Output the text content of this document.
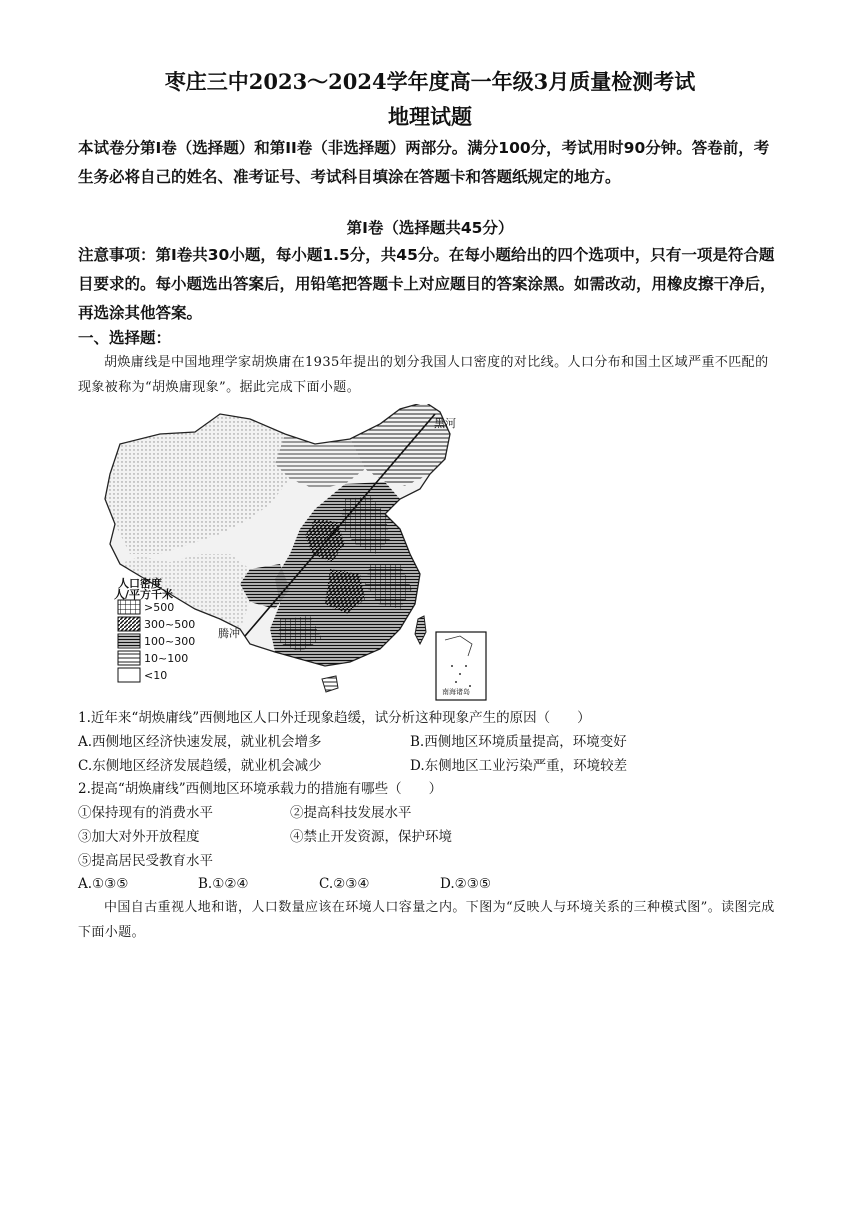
枣庄三中2023～2024学年度高一年级3月质量检测考试
地理试题
本试卷分第Ⅰ卷（选择题）和第II卷（非选择题）两部分。满分100分，考试用时90分钟。答卷前，考生务必将自己的姓名、准考证号、考试科目填涂在答题卡和答题纸规定的地方。
第Ⅰ卷（选择题共45分）
注意事项：第Ⅰ卷共30小题，每小题1.5分，共45分。在每小题给出的四个选项中，只有一项是符合题目要求的。每小题选出答案后，用铅笔把答题卡上对应题目的答案涂黑。如需改动，用橡皮擦干净后，再选涂其他答案。
一、选择题：
胡焕庸线是中国地理学家胡焕庸在1935年提出的划分我国人口密度的对比线。人口分布和国土区域严重不匹配的现象被称为“胡焕庸现象”。据此完成下面小题。
黑河
腾冲
人口密度
人/平方千米
>500
300~500
100~300
10~100
<10
南海诸岛
1.近年来“胡焕庸线”西侧地区人口外迁现象趋缓，试分析这种现象产生的原因（　　）
A.西侧地区经济快速发展，就业机会增多	B.西侧地区环境质量提高，环境变好
C.东侧地区经济发展趋缓，就业机会减少	D.东侧地区工业污染严重，环境较差
2.提高“胡焕庸线”西侧地区环境承载力的措施有哪些（　　）
①保持现有的消费水平	②提高科技发展水平
③加大对外开放程度	④禁止开发资源，保护环境
⑤提高居民受教育水平
A.①③⑤	B.①②④	C.②③④	D.②③⑤
中国自古重视人地和谐，人口数量应该在环境人口容量之内。下图为“反映人与环境关系的三种模式图”。读图完成下面小题。
